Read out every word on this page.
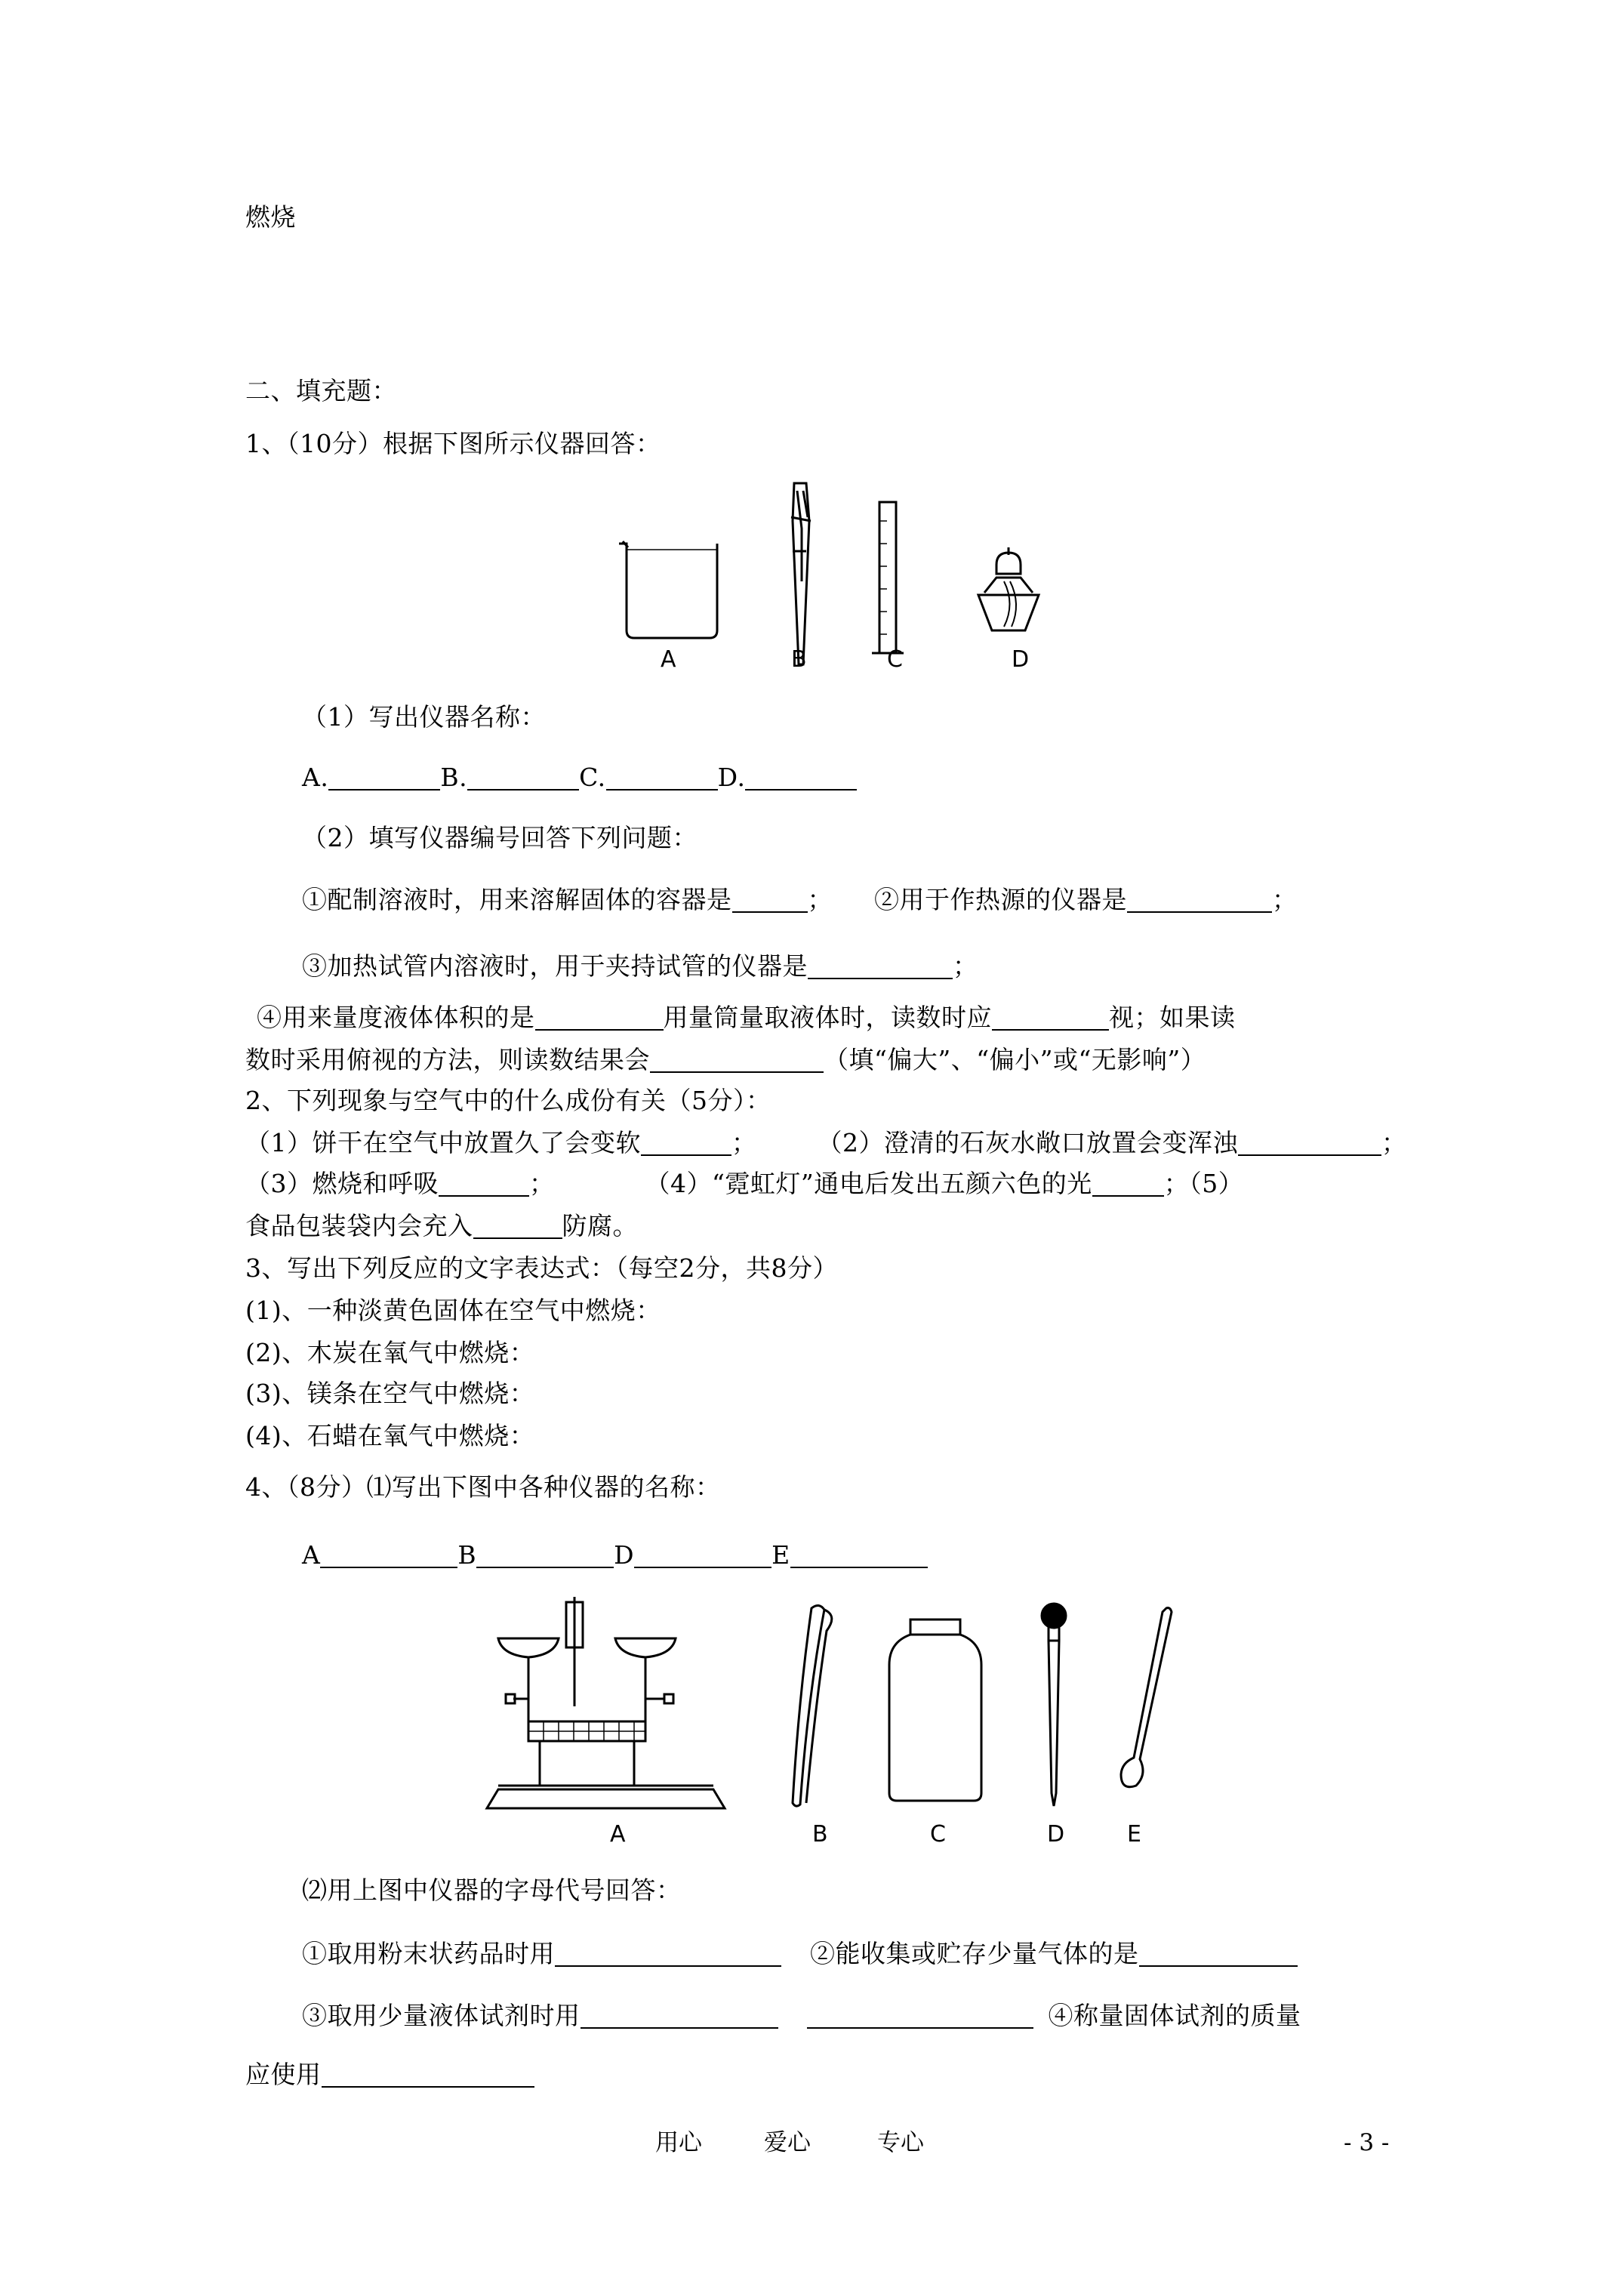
燃烧
二、填充题：
1、（10分）根据下图所示仪器回答：
A	B	C	D
（1）写出仪器名称：
A.	B.	C.	D.
（2）填写仪器编号回答下列问题：
①配制溶液时，用来溶解固体的容器是	； ②用于作热源的仪器是	；
③加热试管内溶液时，用于夹持试管的仪器是	；
④用来量度液体体积的是	用量筒量取液体时，读数时应	视；如果读
数时采用俯视的方法，则读数结果会	（填“偏大”、“偏小”或“无影响”）
2、下列现象与空气中的什么成份有关（5分）：
（1）饼干在空气中放置久了会变软	； （2）澄清的石灰水敞口放置会变浑浊	；
（3）燃烧和呼吸	；	（4）“霓虹灯”通电后发出五颜六色的光	；（5）
食品包装袋内会充入	防腐。
3、写出下列反应的文字表达式：（每空2分，共8分）
(1)、一种淡黄色固体在空气中燃烧：
(2)、木炭在氧气中燃烧：
(3)、镁条在空气中燃烧：
(4)、石蜡在氧气中燃烧：
4、（8分）⑴写出下图中各种仪器的名称：
A	B	D	E
A	B	C	D	E
⑵用上图中仪器的字母代号回答：
①取用粉末状药品时用	②能收集或贮存少量气体的是
③取用少量液体试剂时用	④称量固体试剂的质量
应使用
用心	爱心	专心	- 3 -
